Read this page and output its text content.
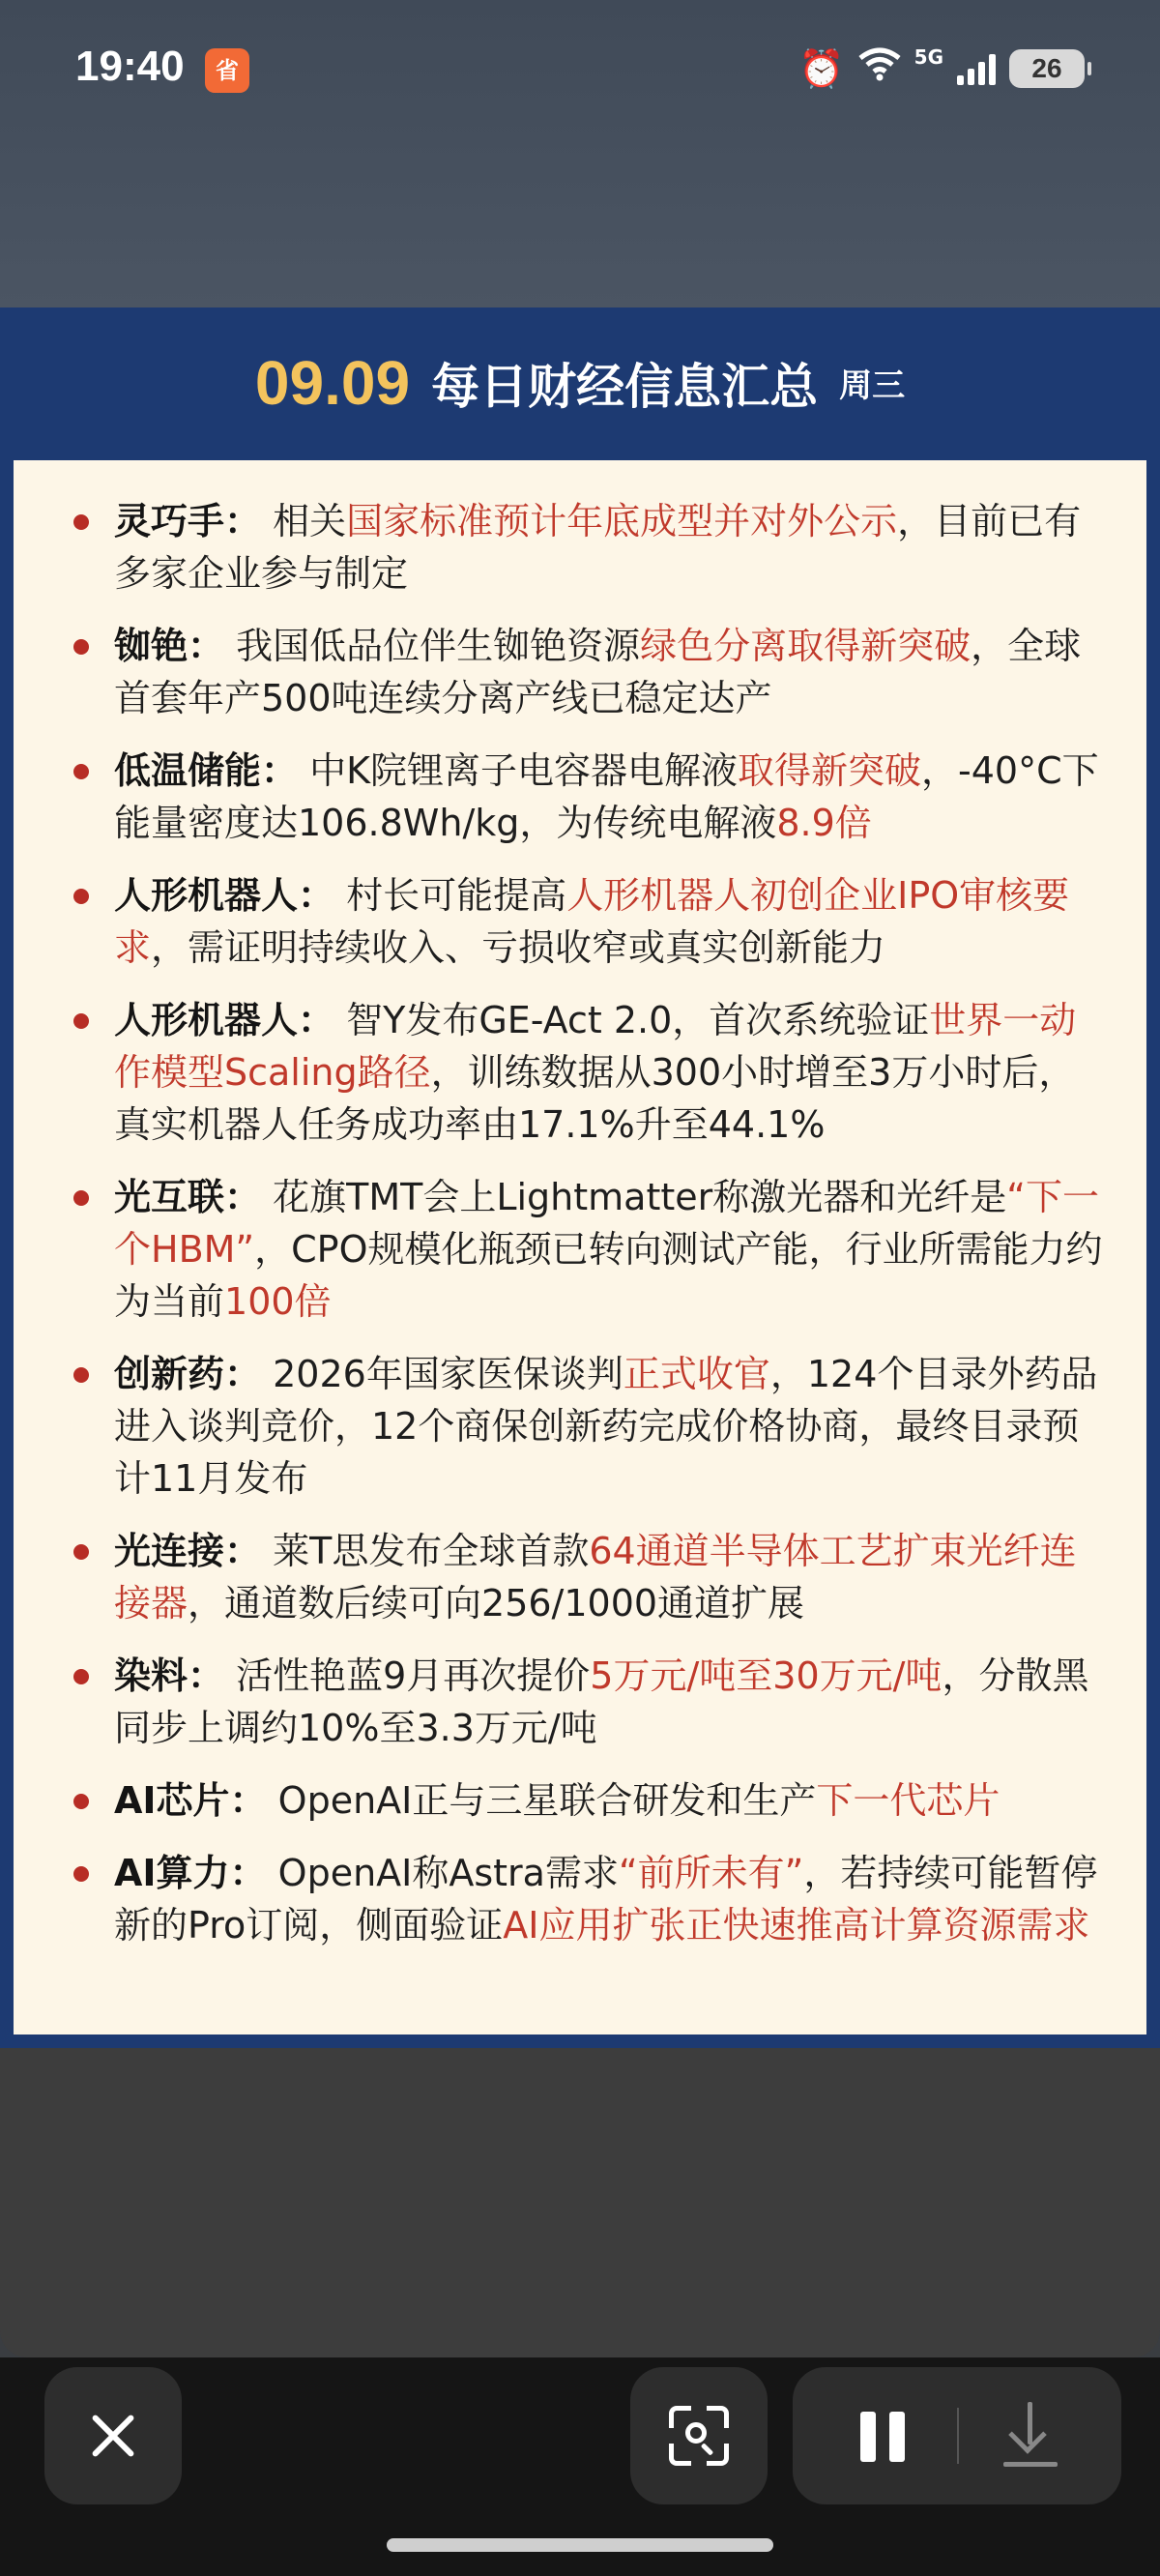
19:40	省	⏰	5G	26
09.09 每日财经信息汇总 周三
灵巧手： 相关国家标准预计年底成型并对外公示，目前已有多家企业参与制定
铷铯： 我国低品位伴生铷铯资源绿色分离取得新突破，全球首套年产500吨连续分离产线已稳定达产
低温储能： 中K院锂离子电容器电解液取得新突破，-40°C下能量密度达106.8Wh/kg，为传统电解液8.9倍
人形机器人： 村长可能提高人形机器人初创企业IPO审核要求，需证明持续收入、亏损收窄或真实创新能力
人形机器人： 智Y发布GE-Act 2.0，首次系统验证世界一动作模型Scaling路径，训练数据从300小时增至3万小时后，真实机器人任务成功率由17.1%升至44.1%
光互联： 花旗TMT会上Lightmatter称激光器和光纤是“下一个HBM”，CPO规模化瓶颈已转向测试产能，行业所需能力约为当前100倍
创新药： 2026年国家医保谈判正式收官，124个目录外药品进入谈判竞价，12个商保创新药完成价格协商，最终目录预计11月发布
光连接： 莱T思发布全球首款64通道半导体工艺扩束光纤连接器，通道数后续可向256/1000通道扩展
染料： 活性艳蓝9月再次提价5万元/吨至30万元/吨，分散黑同步上调约10%至3.3万元/吨
AI芯片： OpenAI正与三星联合研发和生产下一代芯片
AI算力： OpenAI称Astra需求“前所未有”，若持续可能暂停新的Pro订阅，侧面验证AI应用扩张正快速推高计算资源需求
